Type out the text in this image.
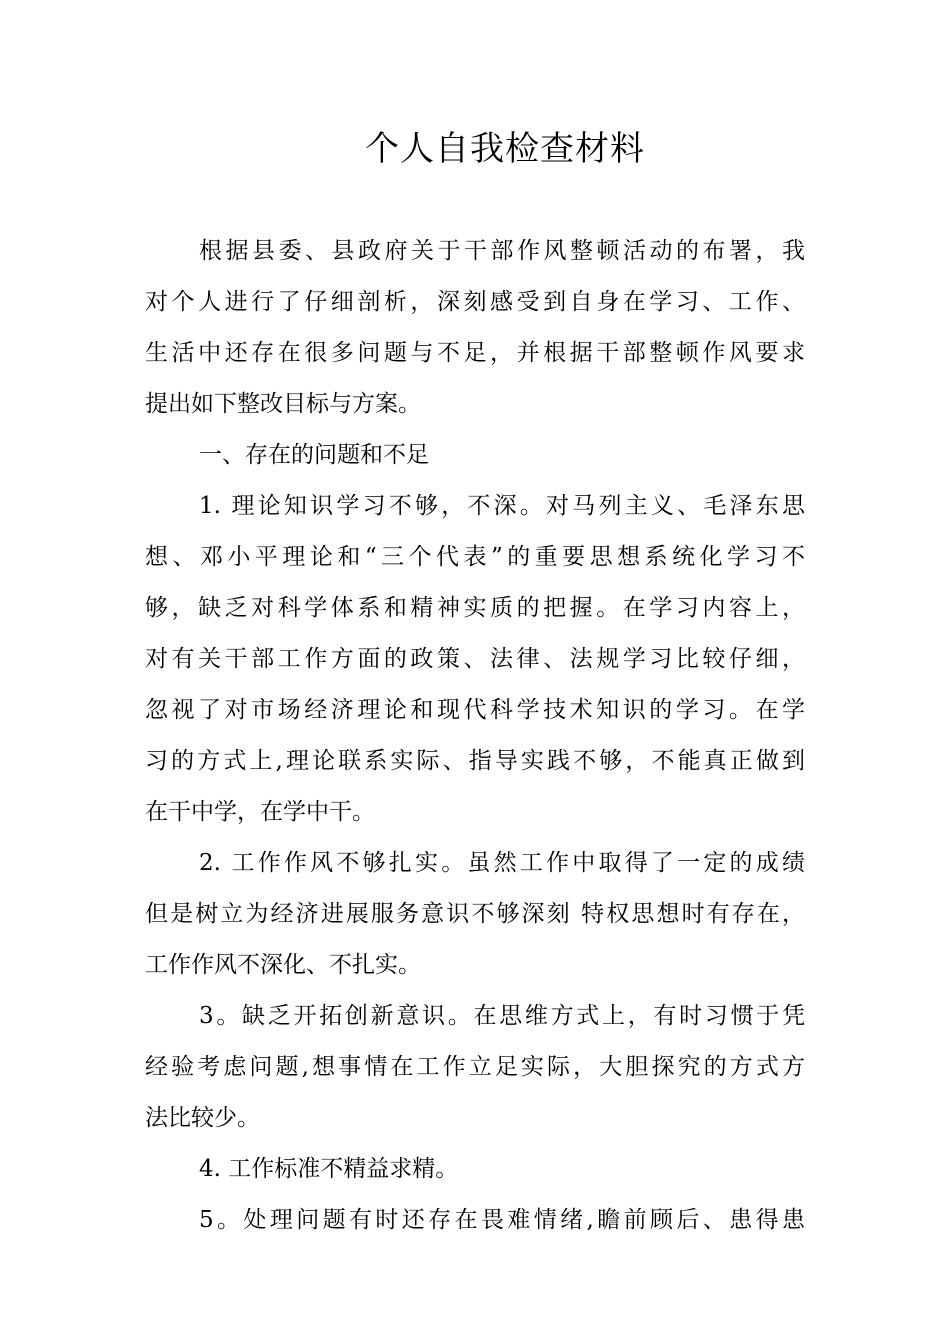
个人自我检查材料
根据县委、县政府关于干部作风整顿活动的布署，我
对个人进行了仔细剖析，深刻感受到自身在学习、工作、
生活中还存在很多问题与不足，并根据干部整顿作风要求
提出如下整改目标与方案。
一、存在的问题和不足
1. 理论知识学习不够，不深。对马列主义、毛泽东思
想、邓小平理论和“三个代表”的重要思想系统化学习不
够，缺乏对科学体系和精神实质的把握。在学习内容上，
对有关干部工作方面的政策、法律、法规学习比较仔细，
忽视了对市场经济理论和现代科学技术知识的学习。在学
习的方式上,理论联系实际、指导实践不够，不能真正做到
在干中学，在学中干。
2. 工作作风不够扎实。虽然工作中取得了一定的成绩
但是树立为经济进展服务意识不够深刻 特权思想时有存在，
工作作风不深化、不扎实。
3。缺乏开拓创新意识。在思维方式上，有时习惯于凭
经验考虑问题,想事情在工作立足实际，大胆探究的方式方
法比较少。
4. 工作标准不精益求精。
5。处理问题有时还存在畏难情绪,瞻前顾后、患得患
